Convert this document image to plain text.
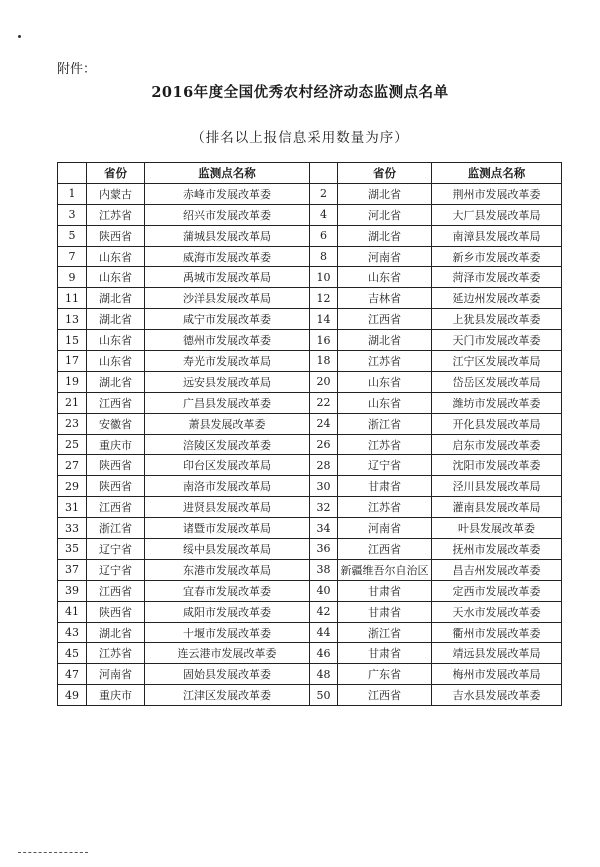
附件：
2016年度全国优秀农村经济动态监测点名单
（排名以上报信息采用数量为序）
	省份	监测点名称		省份	监测点名称
1	内蒙古	赤峰市发展改革委	2	湖北省	荆州市发展改革委
3	江苏省	绍兴市发展改革委	4	河北省	大厂县发展改革局
5	陕西省	蒲城县发展改革局	6	湖北省	南漳县发展改革局
7	山东省	威海市发展改革委	8	河南省	新乡市发展改革委
9	山东省	禹城市发展改革局	10	山东省	菏泽市发展改革委
11	湖北省	沙洋县发展改革局	12	吉林省	延边州发展改革委
13	湖北省	咸宁市发展改革委	14	江西省	上犹县发展改革委
15	山东省	德州市发展改革委	16	湖北省	天门市发展改革委
17	山东省	寿光市发展改革局	18	江苏省	江宁区发展改革局
19	湖北省	远安县发展改革局	20	山东省	岱岳区发展改革局
21	江西省	广昌县发展改革委	22	山东省	潍坊市发展改革委
23	安徽省	萧县发展改革委	24	浙江省	开化县发展改革局
25	重庆市	涪陵区发展改革委	26	江苏省	启东市发展改革委
27	陕西省	印台区发展改革局	28	辽宁省	沈阳市发展改革委
29	陕西省	南洛市发展改革局	30	甘肃省	泾川县发展改革局
31	江西省	进贤县发展改革局	32	江苏省	灌南县发展改革局
33	浙江省	诸暨市发展改革局	34	河南省	叶县发展改革委
35	辽宁省	绥中县发展改革局	36	江西省	抚州市发展改革委
37	辽宁省	东港市发展改革局	38	新疆维吾尔自治区	昌吉州发展改革委
39	江西省	宜春市发展改革委	40	甘肃省	定西市发展改革委
41	陕西省	咸阳市发展改革委	42	甘肃省	天水市发展改革委
43	湖北省	十堰市发展改革委	44	浙江省	衢州市发展改革委
45	江苏省	连云港市发展改革委	46	甘肃省	靖远县发展改革局
47	河南省	固始县发展改革委	48	广东省	梅州市发展改革局
49	重庆市	江津区发展改革委	50	江西省	吉水县发展改革委
